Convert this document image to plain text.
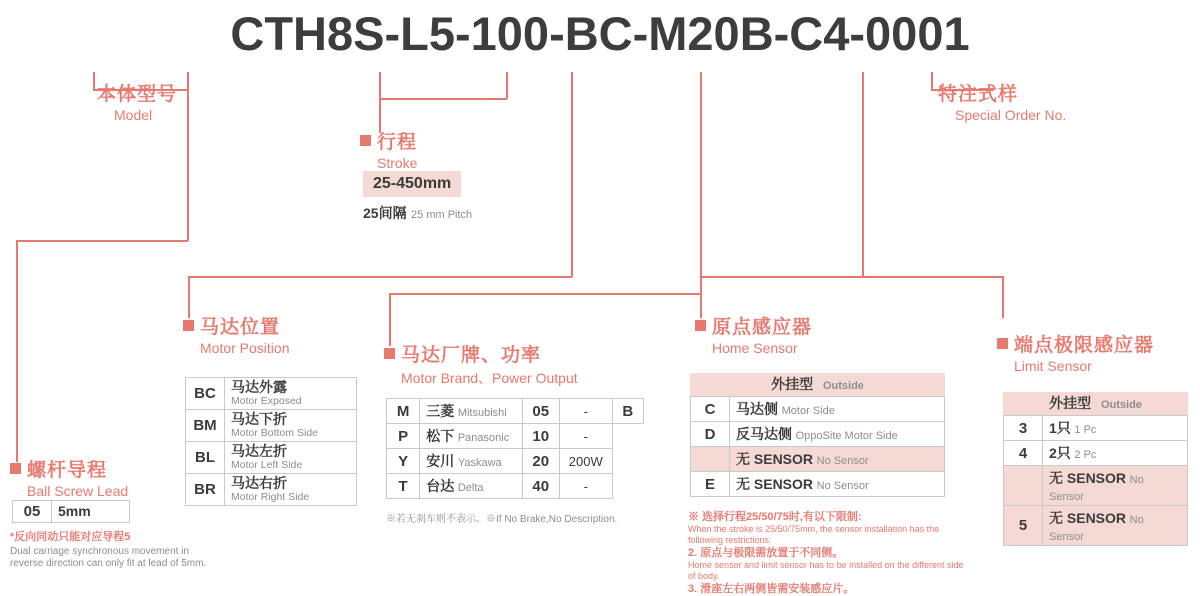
CTH8S-L5-100-BC-M20B-C4-0001
本体型号
Model
特注式样
Special Order No.
行程
Stroke
25-450mm
25间隔 25 mm Pitch
螺杆导程
Ball Screw Lead
05	5mm
*反向同动只能对应导程5
Dual carriage synchronous movement in reverse direction can only fit at lead of 5mm.
马达位置
Motor Position
BC	马达外露
Motor Exposed

BM	马达下折
Motor Bottom Side

BL	马达左折
Motor Left Side

BR	马达右折
Motor Right Side
马达厂牌、功率
Motor Brand、Power Output
M	三菱 Mitsubishi	05	-	B
P	松下 Panasonic	10	-	
Y	安川 Yaskawa	20	200W	
T	台达 Delta	40	-	
※若无刹车则不表示。※If No Brake,No Description.
原点感应器
Home Sensor
外挂型 Outside
C	马达侧 Motor Side
D	反马达侧 OppoSite Motor Side
	无 SENSOR No Sensor
E	无 SENSOR No Sensor
※ 选择行程25/50/75时,有以下限制:
When the stroke is 25/50/75mm, the sensor installation has the following restrictions:
2. 原点与极限需放置于不同侧。
Home sensor and limit sensor has to be installed on the different side of body.
3. 滑座左右两侧皆需安装感应片。
端点极限感应器
Limit Sensor
外挂型 Outside
3	1只 1 Pc
4	2只 2 Pc
	无 SENSOR No Sensor
5	无 SENSOR No Sensor
